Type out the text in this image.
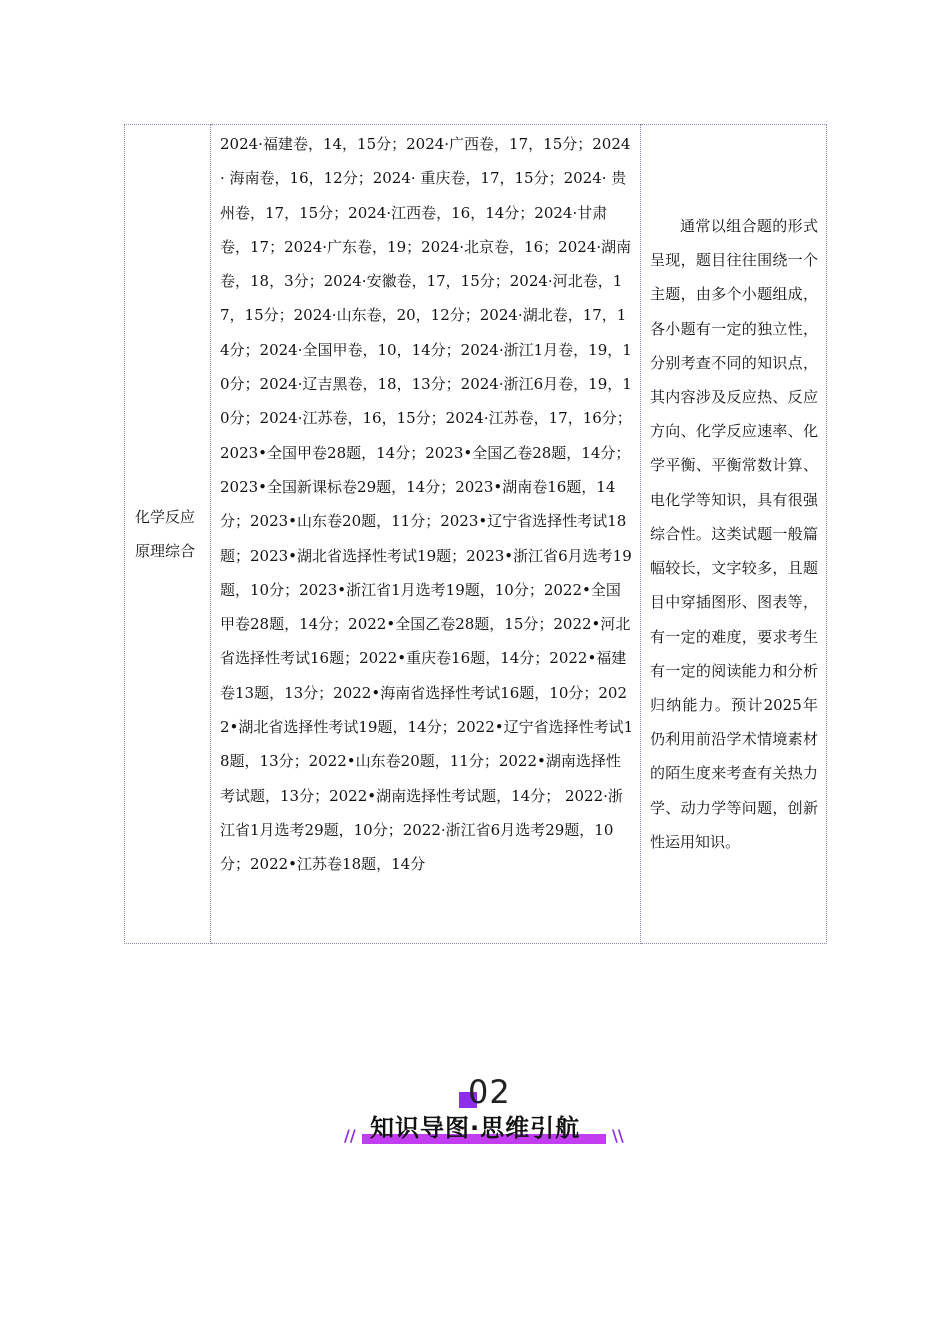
化学反应原理综合	2024·福建卷，14，15分；2024·广西卷，17，15分；2024· 海南卷，16，12分；2024· 重庆卷，17，15分；2024· 贵州卷，17，15分；2024·江西卷，16，14分；2024·甘肃卷，17；2024·广东卷，19；2024·北京卷，16；2024·湖南卷，18，3分；2024·安徽卷，17，15分；2024·河北卷，17，15分；2024·山东卷，20，12分；2024·湖北卷，17，14分；2024·全国甲卷，10，14分；2024·浙江1月卷，19，10分；2024·辽吉黑卷，18，13分；2024·浙江6月卷，19，10分；2024·江苏卷，16，15分；2024·江苏卷，17，16分；2023•全国甲卷28题，14分；2023•全国乙卷28题，14分；2023•全国新课标卷29题，14分；2023•湖南卷16题，14分；2023•山东卷20题，11分；2023•辽宁省选择性考试18题；2023•湖北省选择性考试19题；2023•浙江省6月选考19题，10分；2023•浙江省1月选考19题，10分；2022•全国甲卷28题，14分；2022•全国乙卷28题，15分；2022•河北省选择性考试16题；2022•重庆卷16题，14分；2022•福建卷13题，13分；2022•海南省选择性考试16题，10分；2022•湖北省选择性考试19题，14分；2022•辽宁省选择性考试18题，13分；2022•山东卷20题，11分；2022•湖南选择性考试题，13分；2022•湖南选择性考试题，14分； 2022·浙江省1月选考29题，10分；2022·浙江省6月选考29题，10分；2022•江苏卷18题，14分	通常以组合题的形式呈现，题目往往围绕一个主题，由多个小题组成，各小题有一定的独立性，分别考查不同的知识点，其内容涉及反应热、反应方向、化学反应速率、化学平衡、平衡常数计算、电化学等知识，具有很强综合性。这类试题一般篇幅较长，文字较多，且题目中穿插图形、图表等，有一定的难度，要求考生有一定的阅读能力和分析归纳能力。预计2025年仍利用前沿学术情境素材的陌生度来考查有关热力学、动力学等问题，创新性运用知识。
02
// 知识导图·思维引航 \\
